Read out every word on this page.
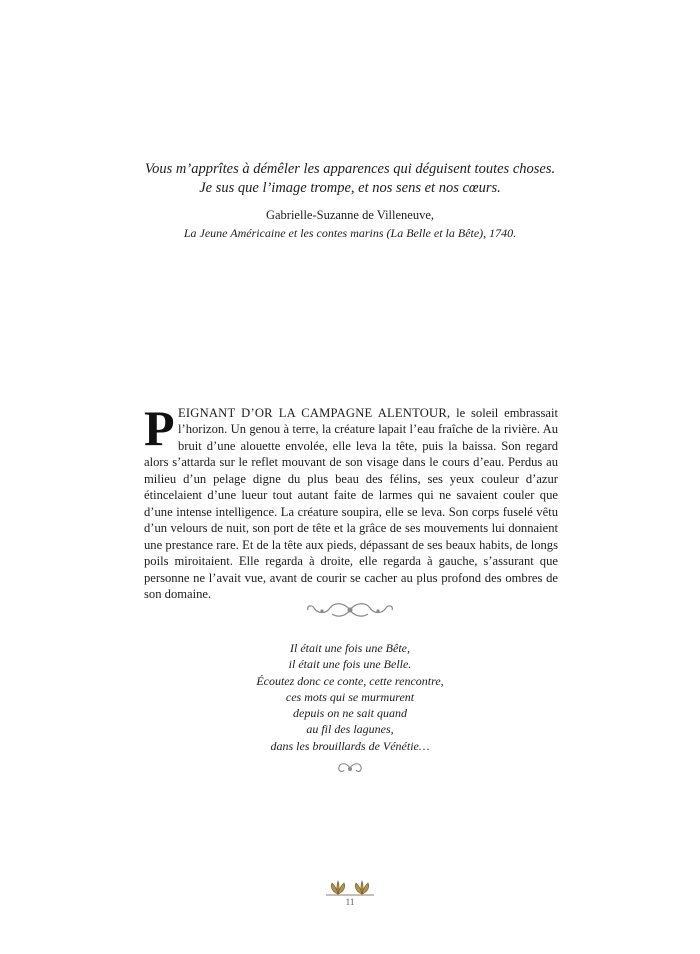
Vous m’apprîtes à démêler les apparences qui déguisent toutes choses.
Je sus que l’image trompe, et nos sens et nos cœurs.
Gabrielle-Suzanne de Villeneuve,
La Jeune Américaine et les contes marins (La Belle et la Bête), 1740.
PEIGNANT D’OR LA CAMPAGNE ALENTOUR, le soleil embrassait l’horizon. Un genou à terre, la créature lapait l’eau fraîche de la rivière. Au bruit d’une alouette envolée, elle leva la tête, puis la baissa. Son regard alors s’attarda sur le reflet mouvant de son visage dans le cours d’eau. Perdus au milieu d’un pelage digne du plus beau des félins, ses yeux couleur d’azur étincelaient d’une lueur tout autant faite de larmes qui ne savaient couler que d’une intense intelligence. La créature soupira, elle se leva. Son corps fuselé vêtu d’un velours de nuit, son port de tête et la grâce de ses mouvements lui donnaient une prestance rare. Et de la tête aux pieds, dépassant de ses beaux habits, de longs poils miroitaient. Elle regarda à droite, elle regarda à gauche, s’assurant que personne ne l’avait vue, avant de courir se cacher au plus profond des ombres de son domaine.
Il était une fois une Bête,
il était une fois une Belle.
Écoutez donc ce conte, cette rencontre,
ces mots qui se murmurent
depuis on ne sait quand
au fil des lagunes,
dans les brouillards de Vénétie…
11
